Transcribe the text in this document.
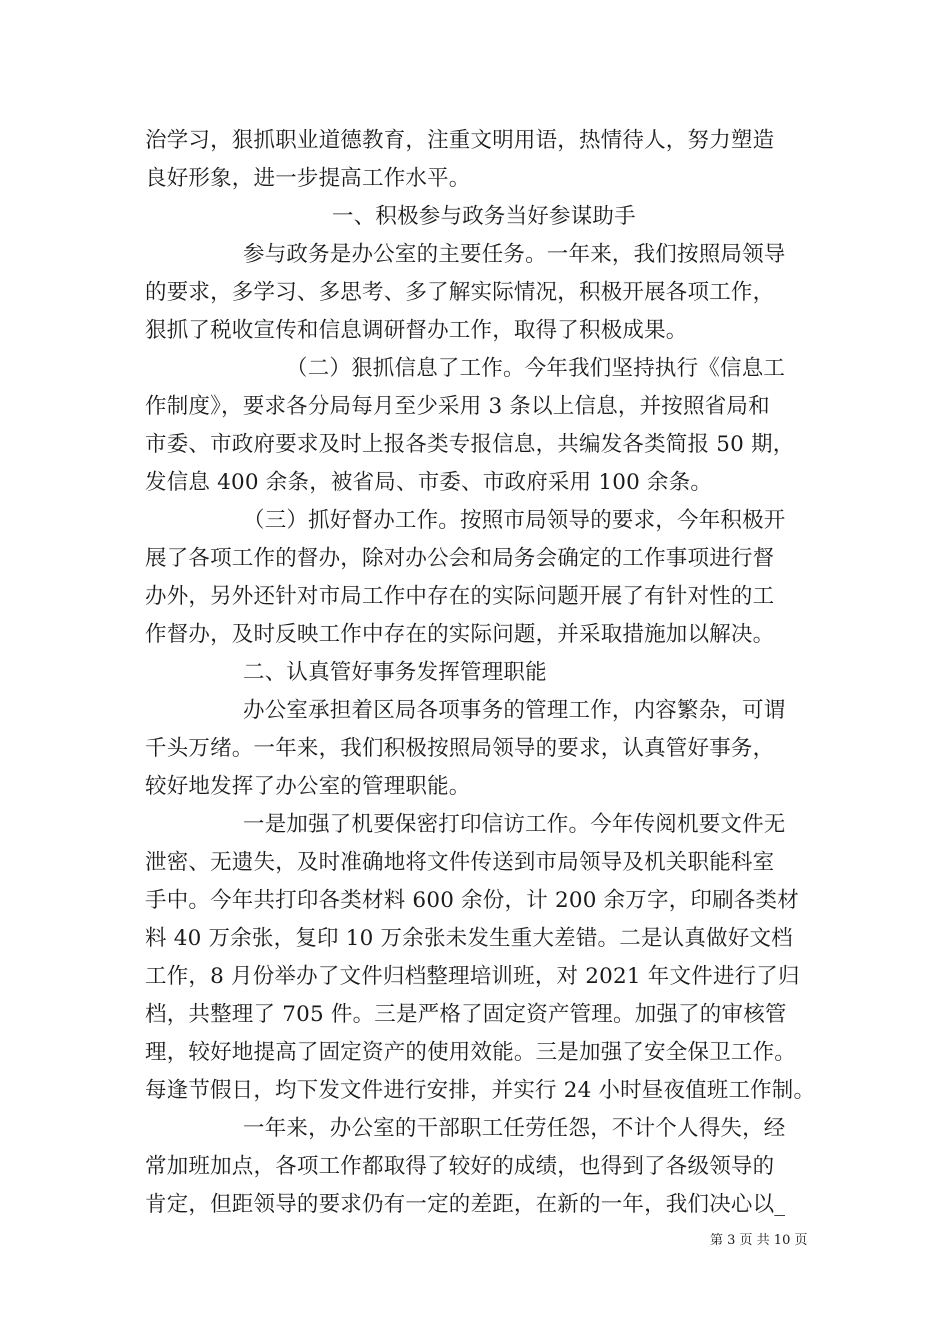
治学习，狠抓职业道德教育，注重文明用语，热情待人，努力塑造
良好形象，进一步提高工作水平。
一、积极参与政务当好参谋助手
参与政务是办公室的主要任务。一年来，我们按照局领导
的要求，多学习、多思考、多了解实际情况，积极开展各项工作，
狠抓了税收宣传和信息调研督办工作，取得了积极成果。
（二）狠抓信息了工作。今年我们坚持执行《信息工
作制度》，要求各分局每月至少采用 3 条以上信息，并按照省局和
市委、市政府要求及时上报各类专报信息，共编发各类简报 50 期，
发信息 400 余条，被省局、市委、市政府采用 100 余条。
（三）抓好督办工作。按照市局领导的要求，今年积极开
展了各项工作的督办，除对办公会和局务会确定的工作事项进行督
办外，另外还针对市局工作中存在的实际问题开展了有针对性的工
作督办，及时反映工作中存在的实际问题，并采取措施加以解决。
二、认真管好事务发挥管理职能
办公室承担着区局各项事务的管理工作，内容繁杂，可谓
千头万绪。一年来，我们积极按照局领导的要求，认真管好事务，
较好地发挥了办公室的管理职能。
一是加强了机要保密打印信访工作。今年传阅机要文件无
泄密、无遗失，及时准确地将文件传送到市局领导及机关职能科室
手中。今年共打印各类材料 600 余份，计 200 余万字，印刷各类材
料 40 万余张，复印 10 万余张未发生重大差错。二是认真做好文档
工作，8 月份举办了文件归档整理培训班，对 2021 年文件进行了归
档，共整理了 705 件。三是严格了固定资产管理。加强了的审核管
理，较好地提高了固定资产的使用效能。三是加强了安全保卫工作。
每逢节假日，均下发文件进行安排，并实行 24 小时昼夜值班工作制。
一年来，办公室的干部职工任劳任怨，不计个人得失，经
常加班加点，各项工作都取得了较好的成绩，也得到了各级领导的
肯定，但距领导的要求仍有一定的差距，在新的一年，我们决心以_
第 3 页 共 10 页
